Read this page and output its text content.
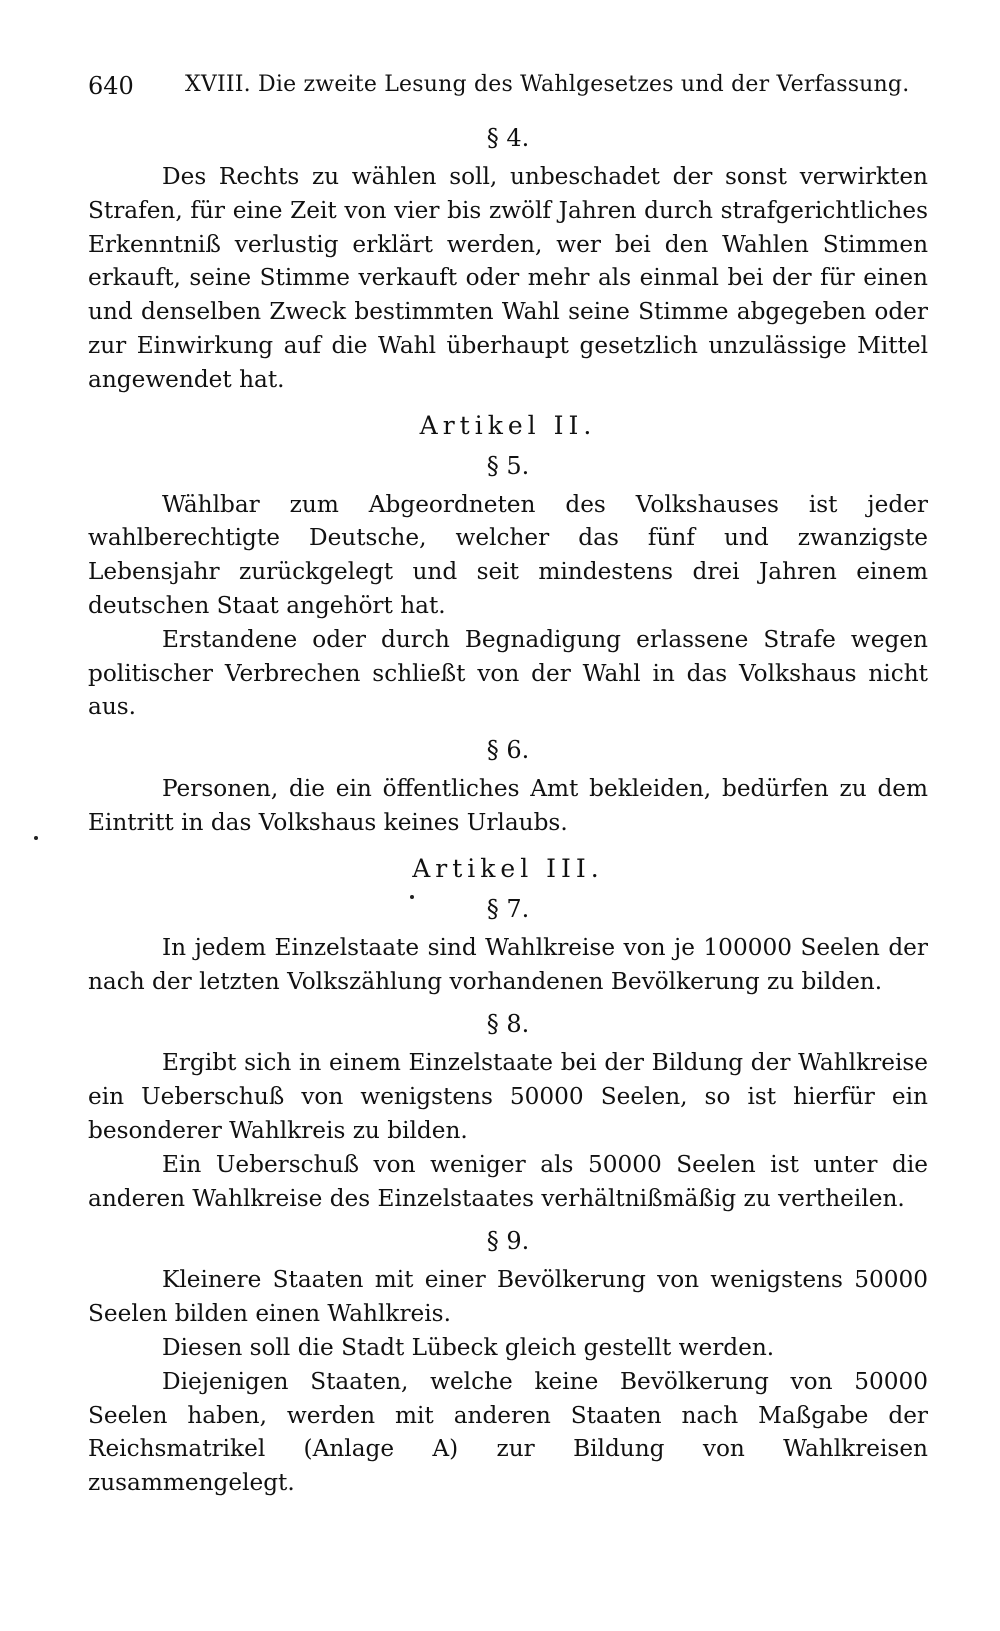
640 XVIII. Die zweite Lesung des Wahlgesetzes und der Verfassung.
§ 4.

Des Rechts zu wählen soll, unbeschadet der sonst verwirkten Strafen, für eine Zeit von vier bis zwölf Jahren durch strafgerichtliches Erkenntniß verlustig erklärt werden, wer bei den Wahlen Stimmen erkauft, seine Stimme verkauft oder mehr als einmal bei der für einen und denselben Zweck bestimmten Wahl seine Stimme abgegeben oder zur Einwirkung auf die Wahl überhaupt gesetzlich unzulässige Mittel angewendet hat.

Artikel II.
§ 5.

Wählbar zum Abgeordneten des Volkshauses ist jeder wahlberechtigte Deutsche, welcher das fünf und zwanzigste Lebensjahr zurückgelegt und seit mindestens drei Jahren einem deutschen Staat angehört hat.

Erstandene oder durch Begnadigung erlassene Strafe wegen politischer Verbrechen schließt von der Wahl in das Volkshaus nicht aus.

§ 6.

Personen, die ein öffentliches Amt bekleiden, bedürfen zu dem Eintritt in das Volkshaus keines Urlaubs.

Artikel III.
§ 7.

In jedem Einzelstaate sind Wahlkreise von je 100000 Seelen der nach der letzten Volkszählung vorhandenen Bevölkerung zu bilden.

§ 8.

Ergibt sich in einem Einzelstaate bei der Bildung der Wahlkreise ein Ueberschuß von wenigstens 50000 Seelen, so ist hierfür ein besonderer Wahlkreis zu bilden.

Ein Ueberschuß von weniger als 50000 Seelen ist unter die anderen Wahlkreise des Einzelstaates verhältnißmäßig zu vertheilen.

§ 9.

Kleinere Staaten mit einer Bevölkerung von wenigstens 50000 Seelen bilden einen Wahlkreis.

Diesen soll die Stadt Lübeck gleich gestellt werden.

Diejenigen Staaten, welche keine Bevölkerung von 50000 Seelen haben, werden mit anderen Staaten nach Maßgabe der Reichsmatrikel (Anlage A) zur Bildung von Wahlkreisen zusammengelegt.
